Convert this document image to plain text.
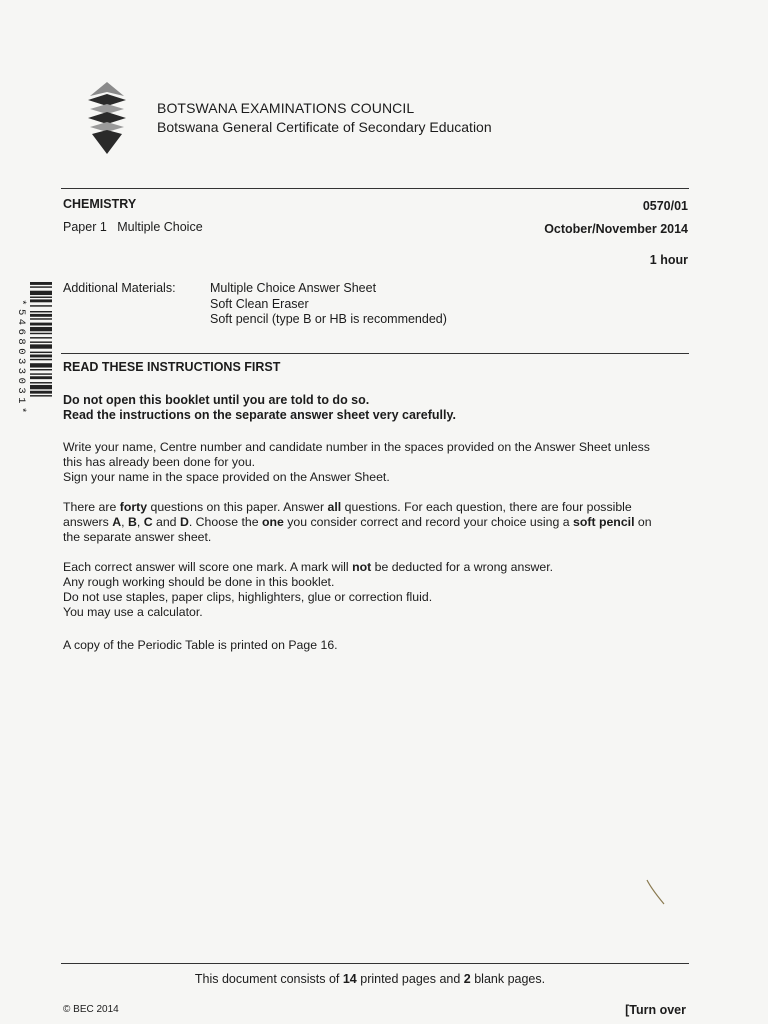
BOTSWANA EXAMINATIONS COUNCIL
Botswana General Certificate of Secondary Education
CHEMISTRY	0570/01
Paper 1   Multiple Choice	October/November 2014
1 hour
Additional Materials:	Multiple Choice Answer Sheet
Soft Clean Eraser
Soft pencil (type B or HB is recommended)
*5468033031*	READ THESE INSTRUCTIONS FIRST
Do not open this booklet until you are told to do so.
Read the instructions on the separate answer sheet very carefully.
Write your name, Centre number and candidate number in the spaces provided on the Answer Sheet unless
this has already been done for you.
Sign your name in the space provided on the Answer Sheet.
There are forty questions on this paper. Answer all questions. For each question, there are four possible
answers A, B, C and D. Choose the one you consider correct and record your choice using a soft pencil on
the separate answer sheet.
Each correct answer will score one mark. A mark will not be deducted for a wrong answer.
Any rough working should be done in this booklet.
Do not use staples, paper clips, highlighters, glue or correction fluid.
You may use a calculator.
A copy of the Periodic Table is printed on Page 16.
This document consists of 14 printed pages and 2 blank pages.
© BEC 2014	[Turn over
